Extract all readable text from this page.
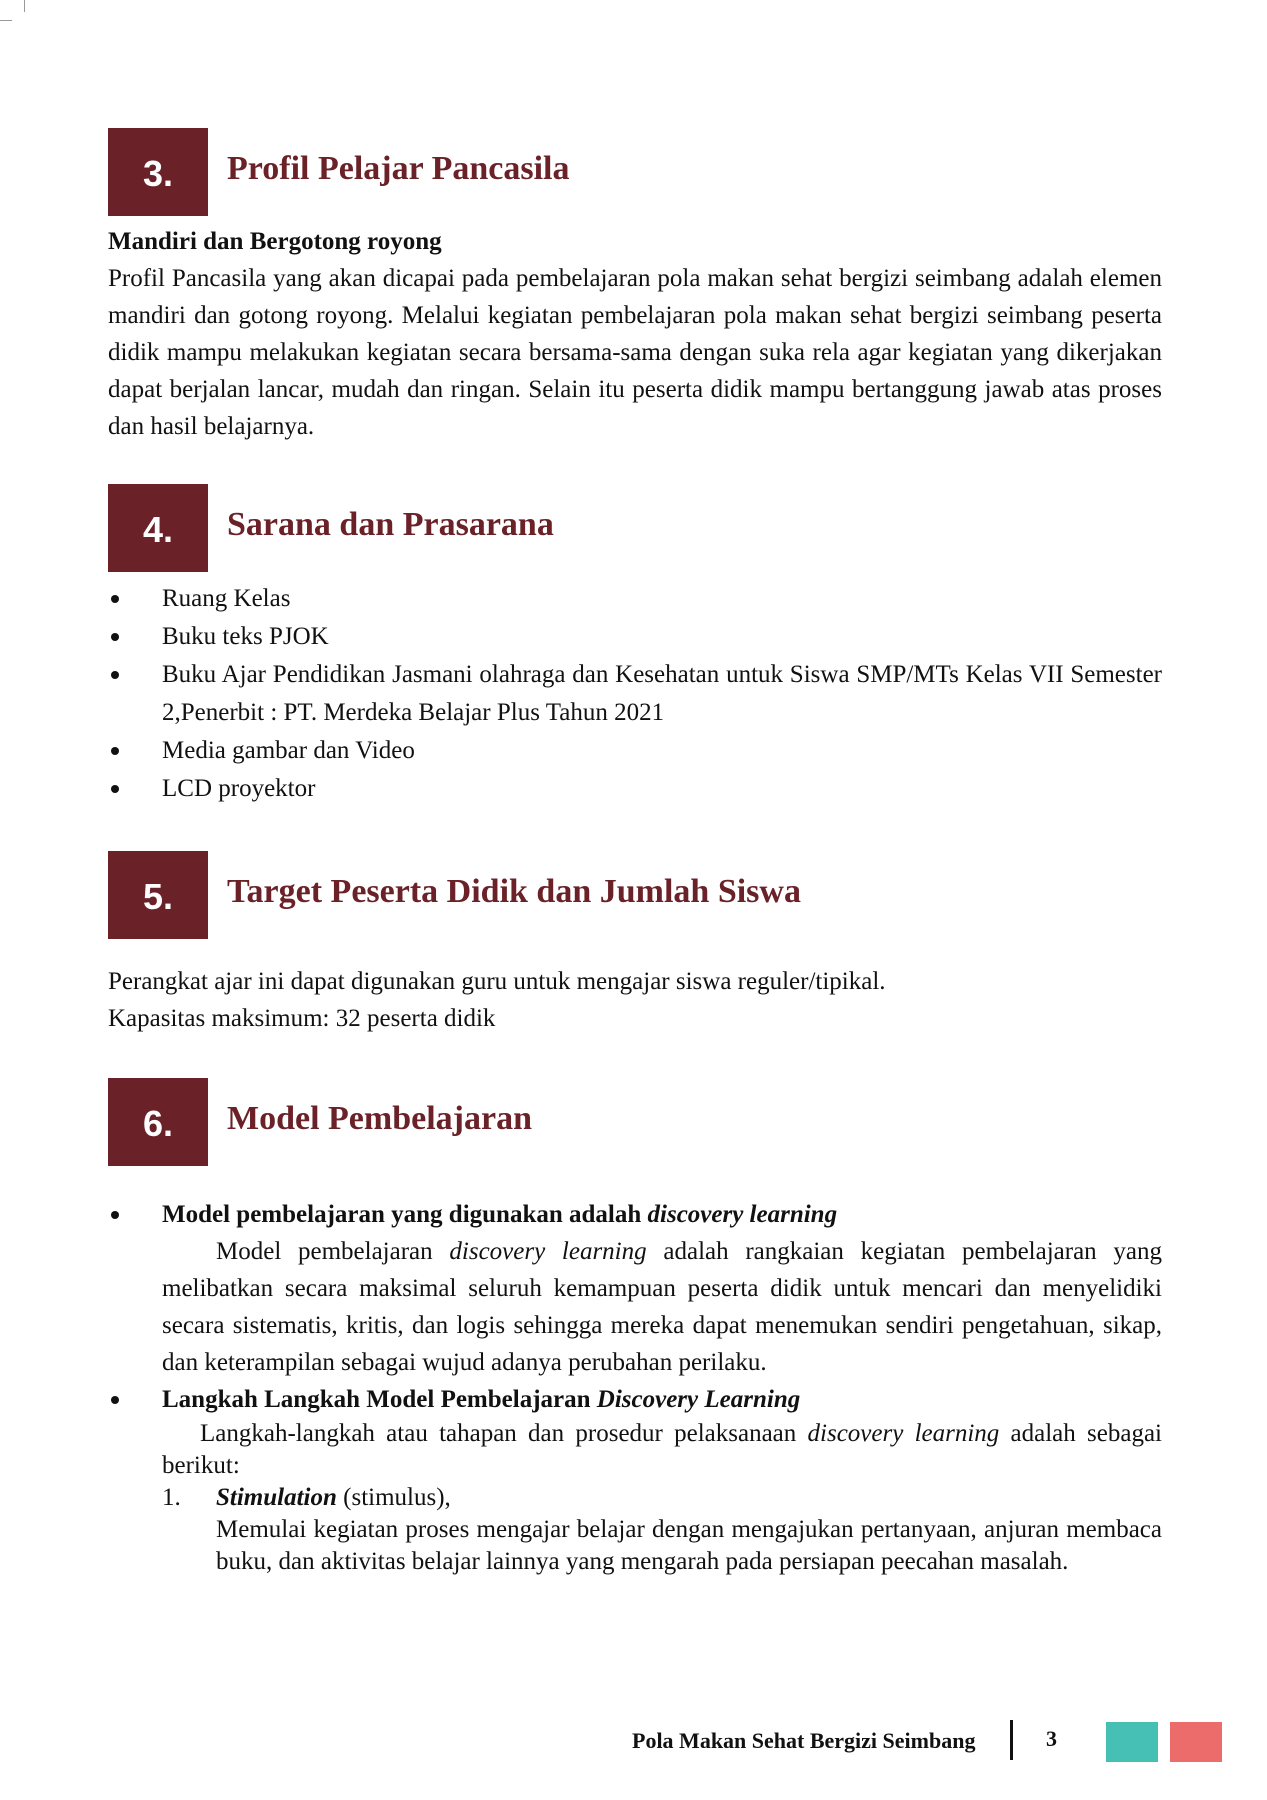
3.	Profil Pelajar Pancasila
Mandiri dan Bergotong royong
Profil Pancasila yang akan dicapai pada pembelajaran pola makan sehat bergizi seimbang adalah elemen mandiri dan gotong royong. Melalui kegiatan pembelajaran pola makan sehat bergizi seimbang peserta didik mampu melakukan kegiatan secara bersama-sama dengan suka rela agar kegiatan yang dikerjakan dapat berjalan lancar, mudah dan ringan. Selain itu peserta didik mampu bertanggung jawab atas proses dan hasil belajarnya.
4.	Sarana dan Prasarana
Ruang Kelas
Buku teks PJOK
Buku Ajar Pendidikan Jasmani olahraga dan Kesehatan untuk Siswa SMP/MTs Kelas VII Semester 2,Penerbit : PT. Merdeka Belajar Plus Tahun 2021
Media gambar dan Video
LCD proyektor
5.	Target Peserta Didik dan Jumlah Siswa
Perangkat ajar ini dapat digunakan guru untuk mengajar siswa reguler/tipikal.
Kapasitas maksimum: 32 peserta didik
6.	Model Pembelajaran
Model pembelajaran yang digunakan adalah discovery learning
Model pembelajaran discovery learning adalah rangkaian kegiatan pembelajaran yang melibatkan secara maksimal seluruh kemampuan peserta didik untuk mencari dan menyelidiki secara sistematis, kritis, dan logis sehingga mereka dapat menemukan sendiri pengetahuan, sikap, dan keterampilan sebagai wujud adanya perubahan perilaku.
Langkah Langkah Model Pembelajaran Discovery Learning
Langkah-langkah atau tahapan dan prosedur pelaksanaan discovery learning adalah sebagai berikut:
1. Stimulation (stimulus),
Memulai kegiatan proses mengajar belajar dengan mengajukan pertanyaan, anjuran membaca buku, dan aktivitas belajar lainnya yang mengarah pada persiapan peecahan masalah.
Pola Makan Sehat Bergizi Seimbang	3
